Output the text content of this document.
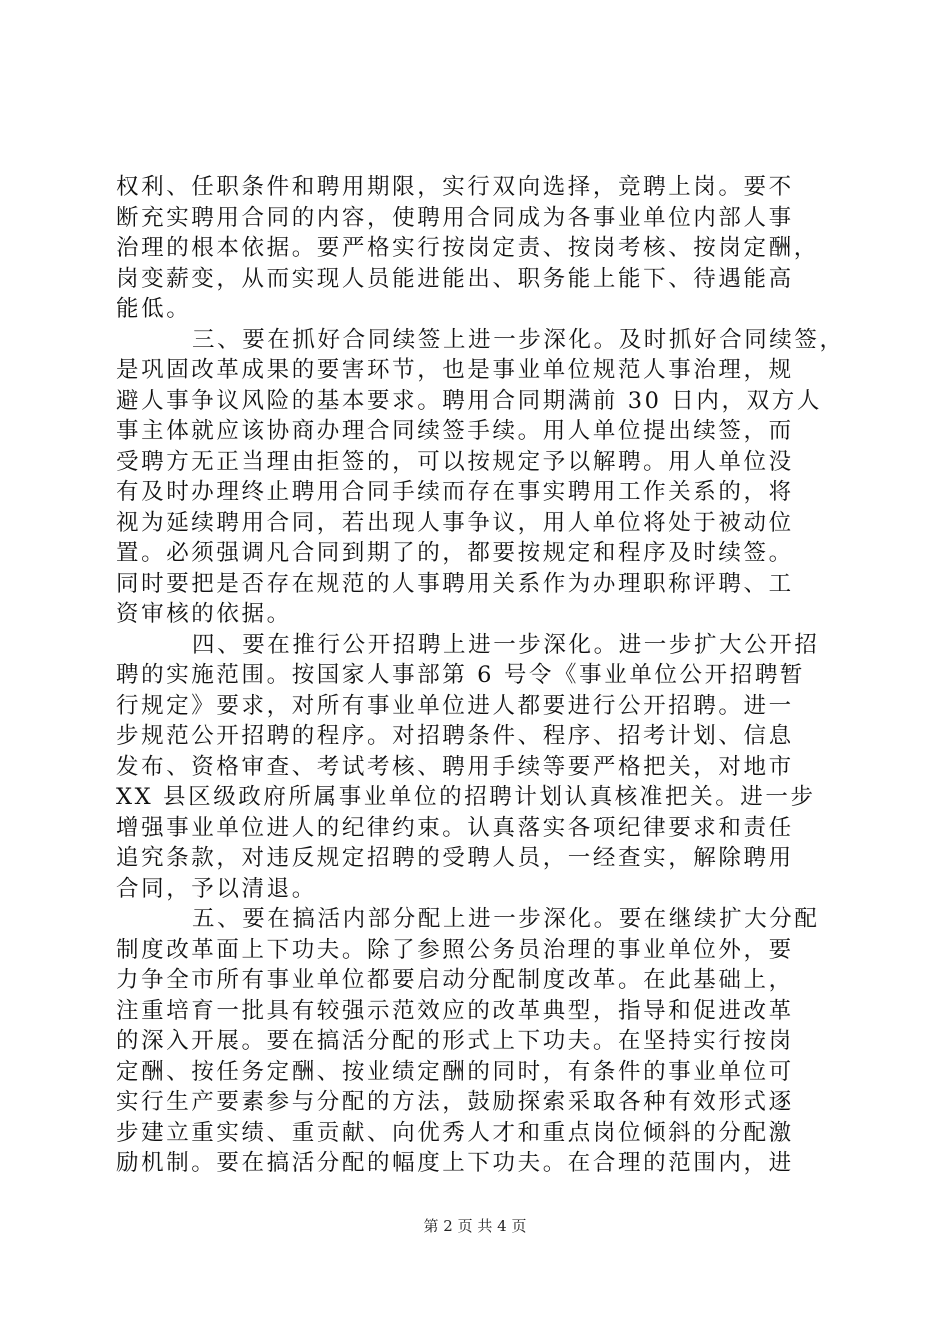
权利、任职条件和聘用期限，实行双向选择，竞聘上岗。要不
断充实聘用合同的内容，使聘用合同成为各事业单位内部人事
治理的根本依据。要严格实行按岗定责、按岗考核、按岗定酬，
岗变薪变，从而实现人员能进能出、职务能上能下、待遇能高
能低。
三、要在抓好合同续签上进一步深化。及时抓好合同续签，
是巩固改革成果的要害环节，也是事业单位规范人事治理，规
避人事争议风险的基本要求。聘用合同期满前 30 日内，双方人
事主体就应该协商办理合同续签手续。用人单位提出续签，而
受聘方无正当理由拒签的，可以按规定予以解聘。用人单位没
有及时办理终止聘用合同手续而存在事实聘用工作关系的，将
视为延续聘用合同，若出现人事争议，用人单位将处于被动位
置。必须强调凡合同到期了的，都要按规定和程序及时续签。
同时要把是否存在规范的人事聘用关系作为办理职称评聘、工
资审核的依据。
四、要在推行公开招聘上进一步深化。进一步扩大公开招
聘的实施范围。按国家人事部第 6 号令《事业单位公开招聘暂
行规定》要求，对所有事业单位进人都要进行公开招聘。进一
步规范公开招聘的程序。对招聘条件、程序、招考计划、信息
发布、资格审查、考试考核、聘用手续等要严格把关，对地市
XX 县区级政府所属事业单位的招聘计划认真核准把关。进一步
增强事业单位进人的纪律约束。认真落实各项纪律要求和责任
追究条款，对违反规定招聘的受聘人员，一经查实，解除聘用
合同，予以清退。
五、要在搞活内部分配上进一步深化。要在继续扩大分配
制度改革面上下功夫。除了参照公务员治理的事业单位外，要
力争全市所有事业单位都要启动分配制度改革。在此基础上，
注重培育一批具有较强示范效应的改革典型，指导和促进改革
的深入开展。要在搞活分配的形式上下功夫。在坚持实行按岗
定酬、按任务定酬、按业绩定酬的同时，有条件的事业单位可
实行生产要素参与分配的方法，鼓励探索采取各种有效形式逐
步建立重实绩、重贡献、向优秀人才和重点岗位倾斜的分配激
励机制。要在搞活分配的幅度上下功夫。在合理的范围内，进
第 2 页 共 4 页
